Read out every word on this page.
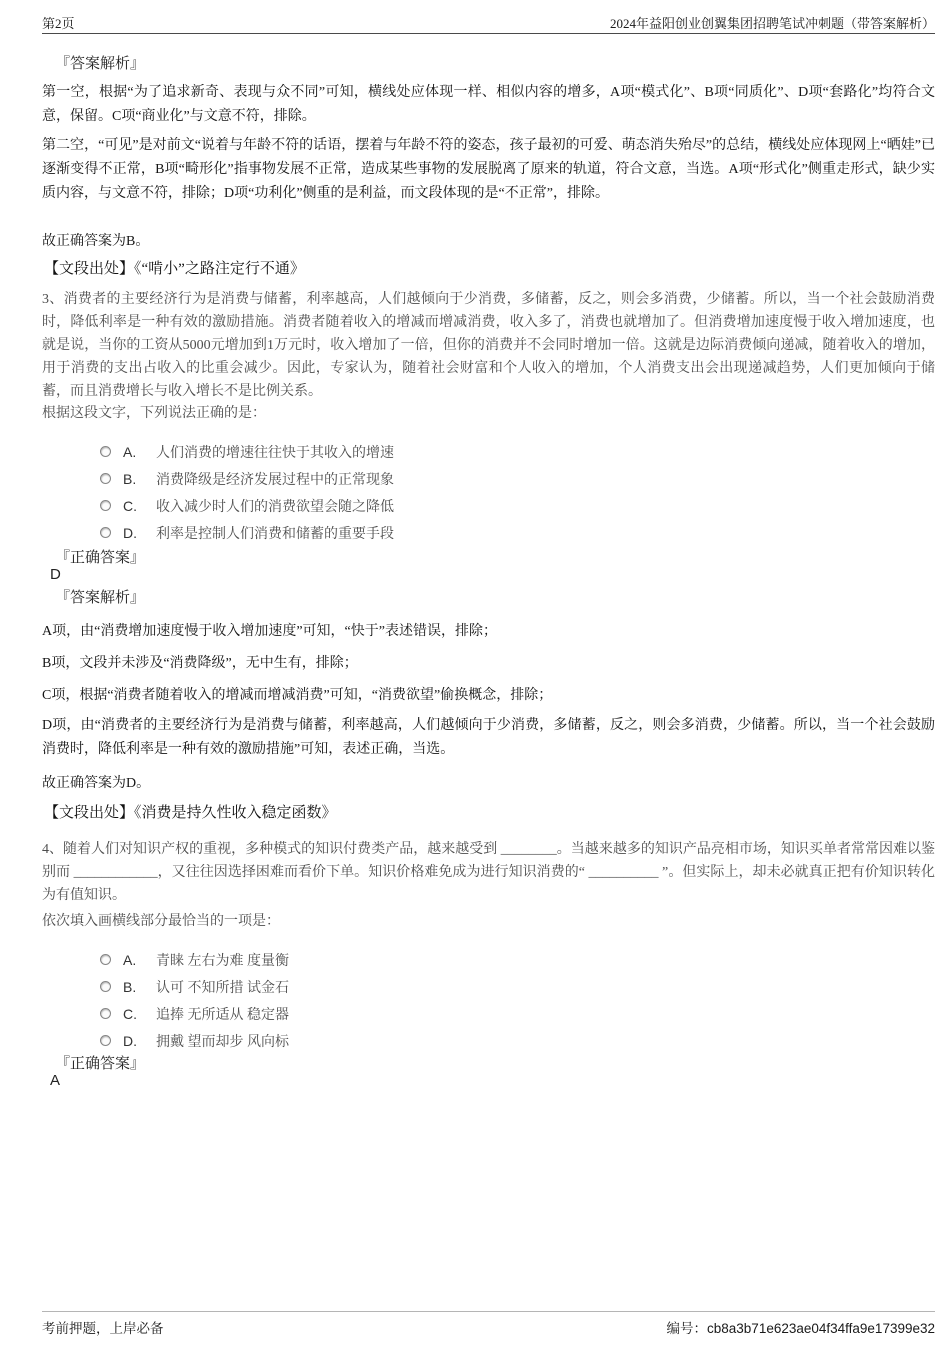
第2页	2024年益阳创业创翼集团招聘笔试冲刺题（带答案解析）
『答案解析』

第一空，根据“为了追求新奇、表现与众不同”可知，横线处应体现一样、相似内容的增多，A项“模式化”、B项“同质化”、D项“套路化”均符合文意，保留。C项“商业化”与文意不符，排除。

第二空，“可见”是对前文“说着与年龄不符的话语，摆着与年龄不符的姿态，孩子最初的可爱、萌态消失殆尽”的总结，横线处应体现网上“晒娃”已逐渐变得不正常，B项“畸形化”指事物发展不正常，造成某些事物的发展脱离了原来的轨道，符合文意，当选。A项“形式化”侧重走形式，缺少实质内容，与文意不符，排除；D项“功利化”侧重的是利益，而文段体现的是“不正常”，排除。

故正确答案为B。

【文段出处】《“啃小”之路注定行不通》

3、消费者的主要经济行为是消费与储蓄，利率越高，人们越倾向于少消费，多储蓄，反之，则会多消费，少储蓄。所以，当一个社会鼓励消费时，降低利率是一种有效的激励措施。消费者随着收入的增减而增减消费，收入多了，消费也就增加了。但消费增加速度慢于收入增加速度，也就是说，当你的工资从5000元增加到1万元时，收入增加了一倍，但你的消费并不会同时增加一倍。这就是边际消费倾向递减，随着收入的增加，用于消费的支出占收入的比重会减少。因此，专家认为，随着社会财富和个人收入的增加，个人消费支出会出现递减趋势，人们更加倾向于储蓄，而且消费增长与收入增长不是比例关系。

根据这段文字，下列说法正确的是：

A.	人们消费的增速往往快于其收入的增速
B.	消费降级是经济发展过程中的正常现象
C.	收入减少时人们的消费欲望会随之降低
D.	利率是控制人们消费和储蓄的重要手段
『正确答案』
D
『答案解析』

A项，由“消费增加速度慢于收入增加速度”可知，“快于”表述错误，排除；

B项，文段并未涉及“消费降级”，无中生有，排除；

C项，根据“消费者随着收入的增减而增减消费”可知，“消费欲望”偷换概念，排除；

D项，由“消费者的主要经济行为是消费与储蓄，利率越高，人们越倾向于少消费，多储蓄，反之，则会多消费，少储蓄。所以，当一个社会鼓励消费时，降低利率是一种有效的激励措施”可知，表述正确，当选。

故正确答案为D。

【文段出处】《消费是持久性收入稳定函数》

4、随着人们对知识产权的重视，多种模式的知识付费类产品，越来越受到 ________。当越来越多的知识产品亮相市场，知识买单者常常因难以鉴别而 ____________，又往往因选择困难而看价下单。知识价格难免成为进行知识消费的“ __________ ”。但实际上，却未必就真正把有价知识转化为有值知识。

依次填入画横线部分最恰当的一项是：

A.	青睐 左右为难 度量衡
B.	认可 不知所措 试金石
C.	追捧 无所适从 稳定器
D.	拥戴 望而却步 风向标
『正确答案』
A
考前押题，上岸必备	编号：cb8a3b71e623ae04f34ffa9e17399e32
